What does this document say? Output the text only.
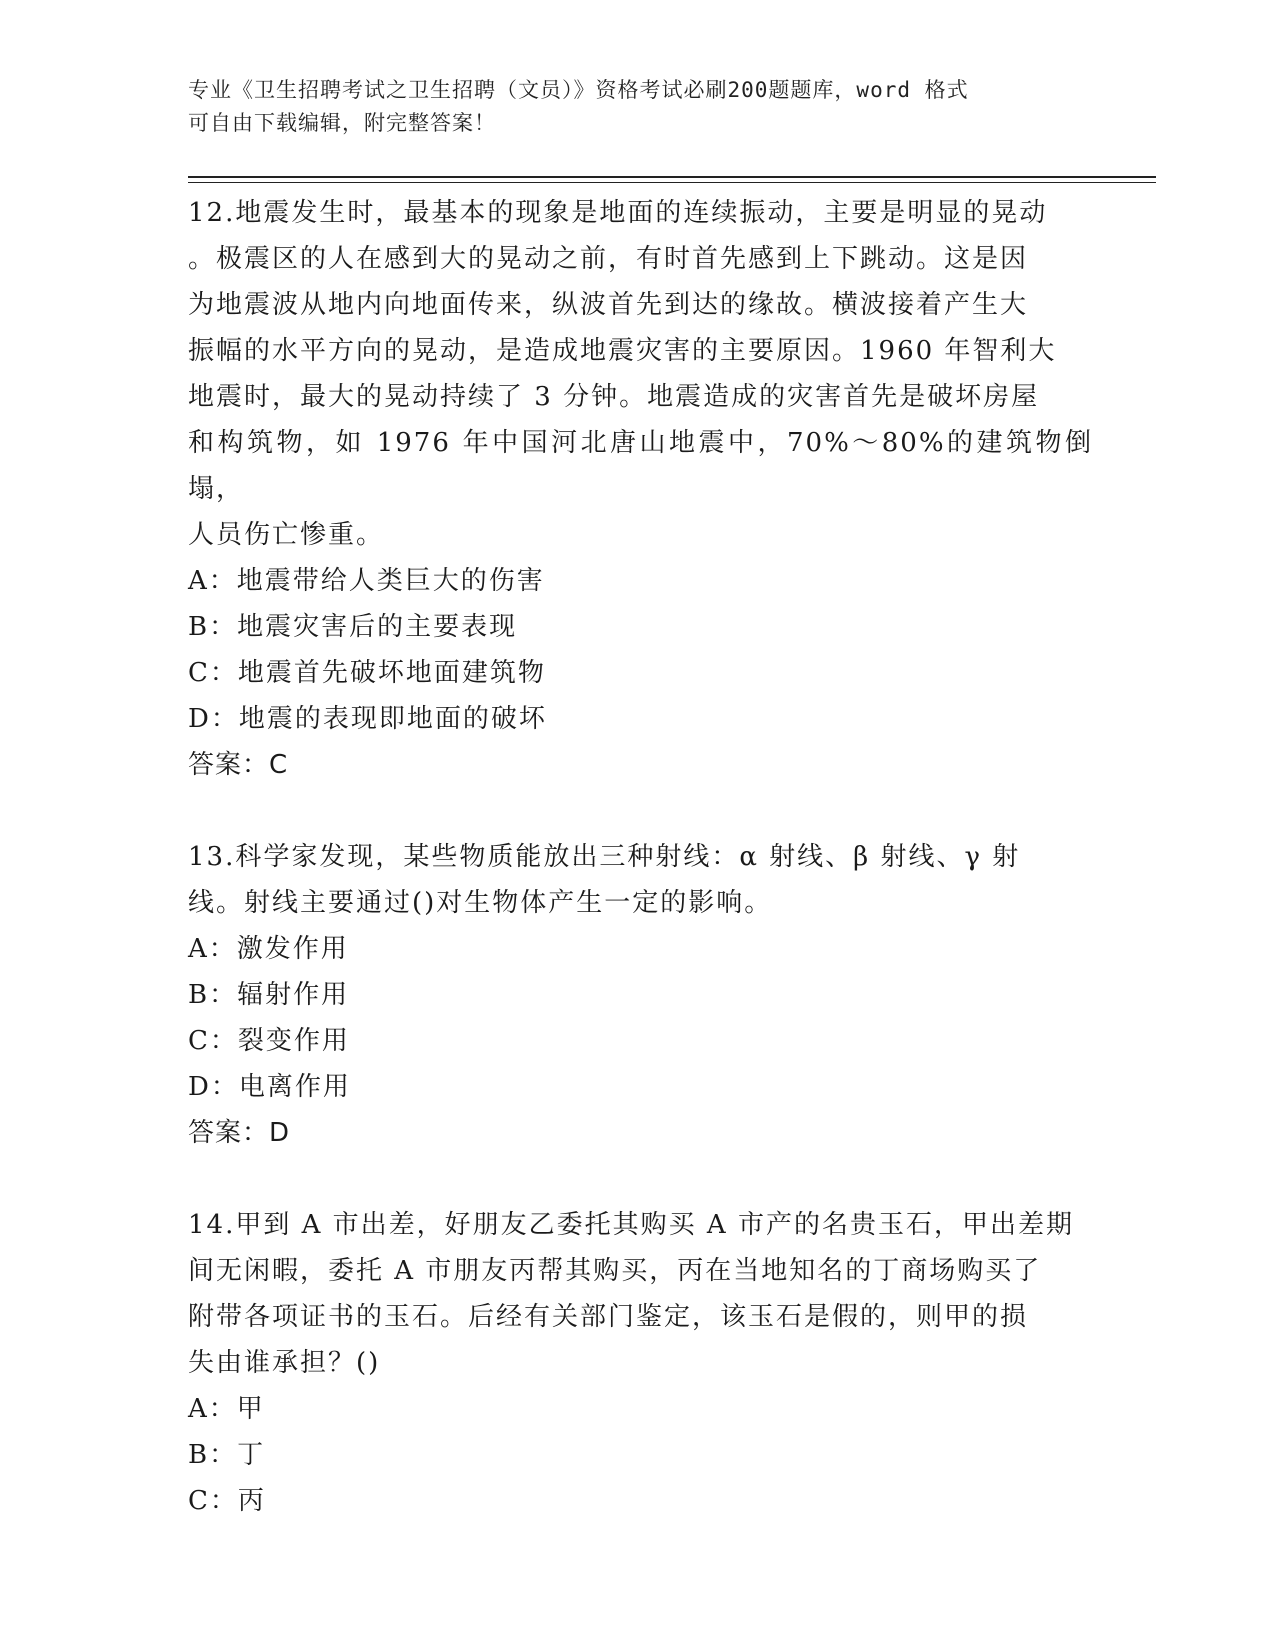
专业《卫生招聘考试之卫生招聘（文员）》资格考试必刷200题题库，word 格式
可自由下载编辑，附完整答案！

12.地震发生时，最基本的现象是地面的连续振动，主要是明显的晃动

。极震区的人在感到大的晃动之前，有时首先感到上下跳动。这是因

为地震波从地内向地面传来，纵波首先到达的缘故。横波接着产生大

振幅的水平方向的晃动，是造成地震灾害的主要原因。1960 年智利大

地震时，最大的晃动持续了 3 分钟。地震造成的灾害首先是破坏房屋

和构筑物，如 1976 年中国河北唐山地震中，70%～80%的建筑物倒塌，

人员伤亡惨重。

A：地震带给人类巨大的伤害

B：地震灾害后的主要表现

C：地震首先破坏地面建筑物

D：地震的表现即地面的破坏

答案：C

13.科学家发现，某些物质能放出三种射线：α 射线、β 射线、γ 射

线。射线主要通过()对生物体产生一定的影响。

A：激发作用

B：辐射作用

C：裂变作用

D：电离作用

答案：D

14.甲到 A 市出差，好朋友乙委托其购买 A 市产的名贵玉石，甲出差期

间无闲暇，委托 A 市朋友丙帮其购买，丙在当地知名的丁商场购买了

附带各项证书的玉石。后经有关部门鉴定，该玉石是假的，则甲的损

失由谁承担？()

A：甲

B：丁

C：丙
